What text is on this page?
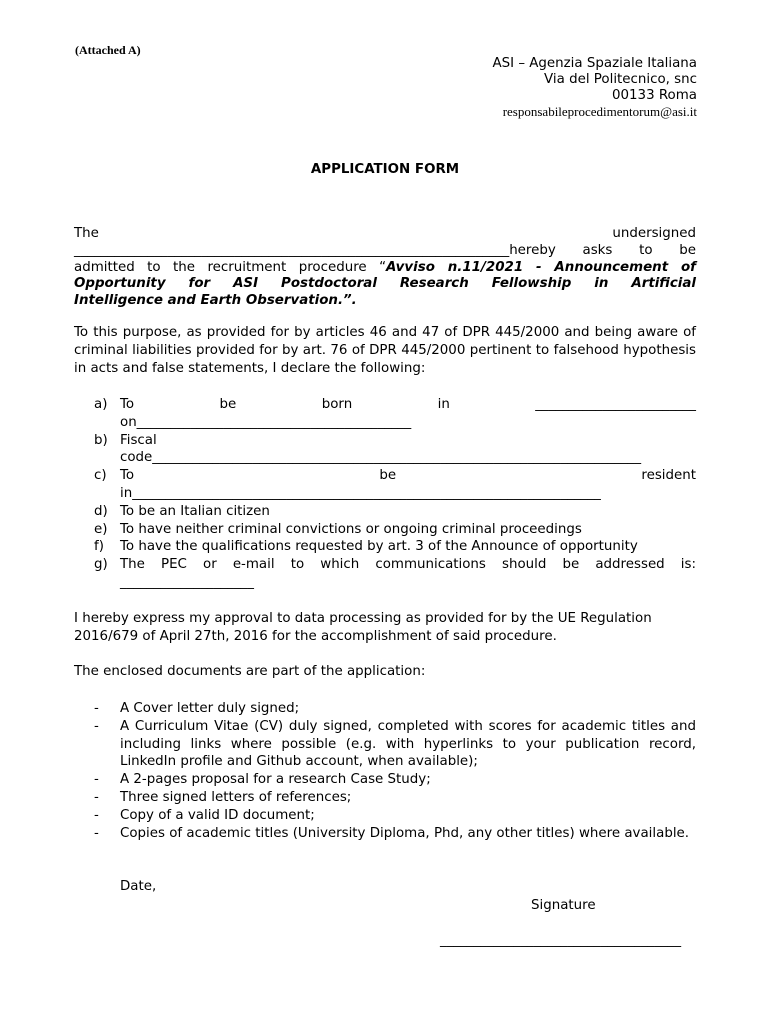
(Attached A)
ASI – Agenzia Spaziale Italiana
Via del Politecnico, snc
00133 Roma
responsabileprocedimentorum@asi.it
APPLICATION FORM
The	undersigned
_________________________________________________________________hereby asks to be
admitted to the recruitment procedure “Avviso n.11/2021 - Announcement of
Opportunity for ASI Postdoctoral Research Fellowship in Artificial
Intelligence and Earth Observation.”.
To this purpose, as provided for by articles 46 and 47 of DPR 445/2000 and being aware of criminal liabilities provided for by art. 76 of DPR 445/2000 pertinent to falsehood hypothesis in acts and false statements, I declare the following:
a) To be born in ________________________
on_________________________________________
b) Fiscal
code_________________________________________________________________________
c) To be resident
in______________________________________________________________________
d) To be an Italian citizen
e) To have neither criminal convictions or ongoing criminal proceedings
f) To have the qualifications requested by art. 3 of the Announce of opportunity
g) The PEC or e-mail to which communications should be addressed is:
____________________
I hereby express my approval to data processing as provided for by the UE Regulation 2016/679 of April 27th, 2016 for the accomplishment of said procedure.
The enclosed documents are part of the application:
- A Cover letter duly signed;
- A Curriculum Vitae (CV) duly signed, completed with scores for academic titles and including links where possible (e.g. with hyperlinks to your publication record, LinkedIn profile and Github account, when available);
- A 2-pages proposal for a research Case Study;
- Three signed letters of references;
- Copy of a valid ID document;
- Copies of academic titles (University Diploma, Phd, any other titles) where available.
Date,
Signature
____________________________________
